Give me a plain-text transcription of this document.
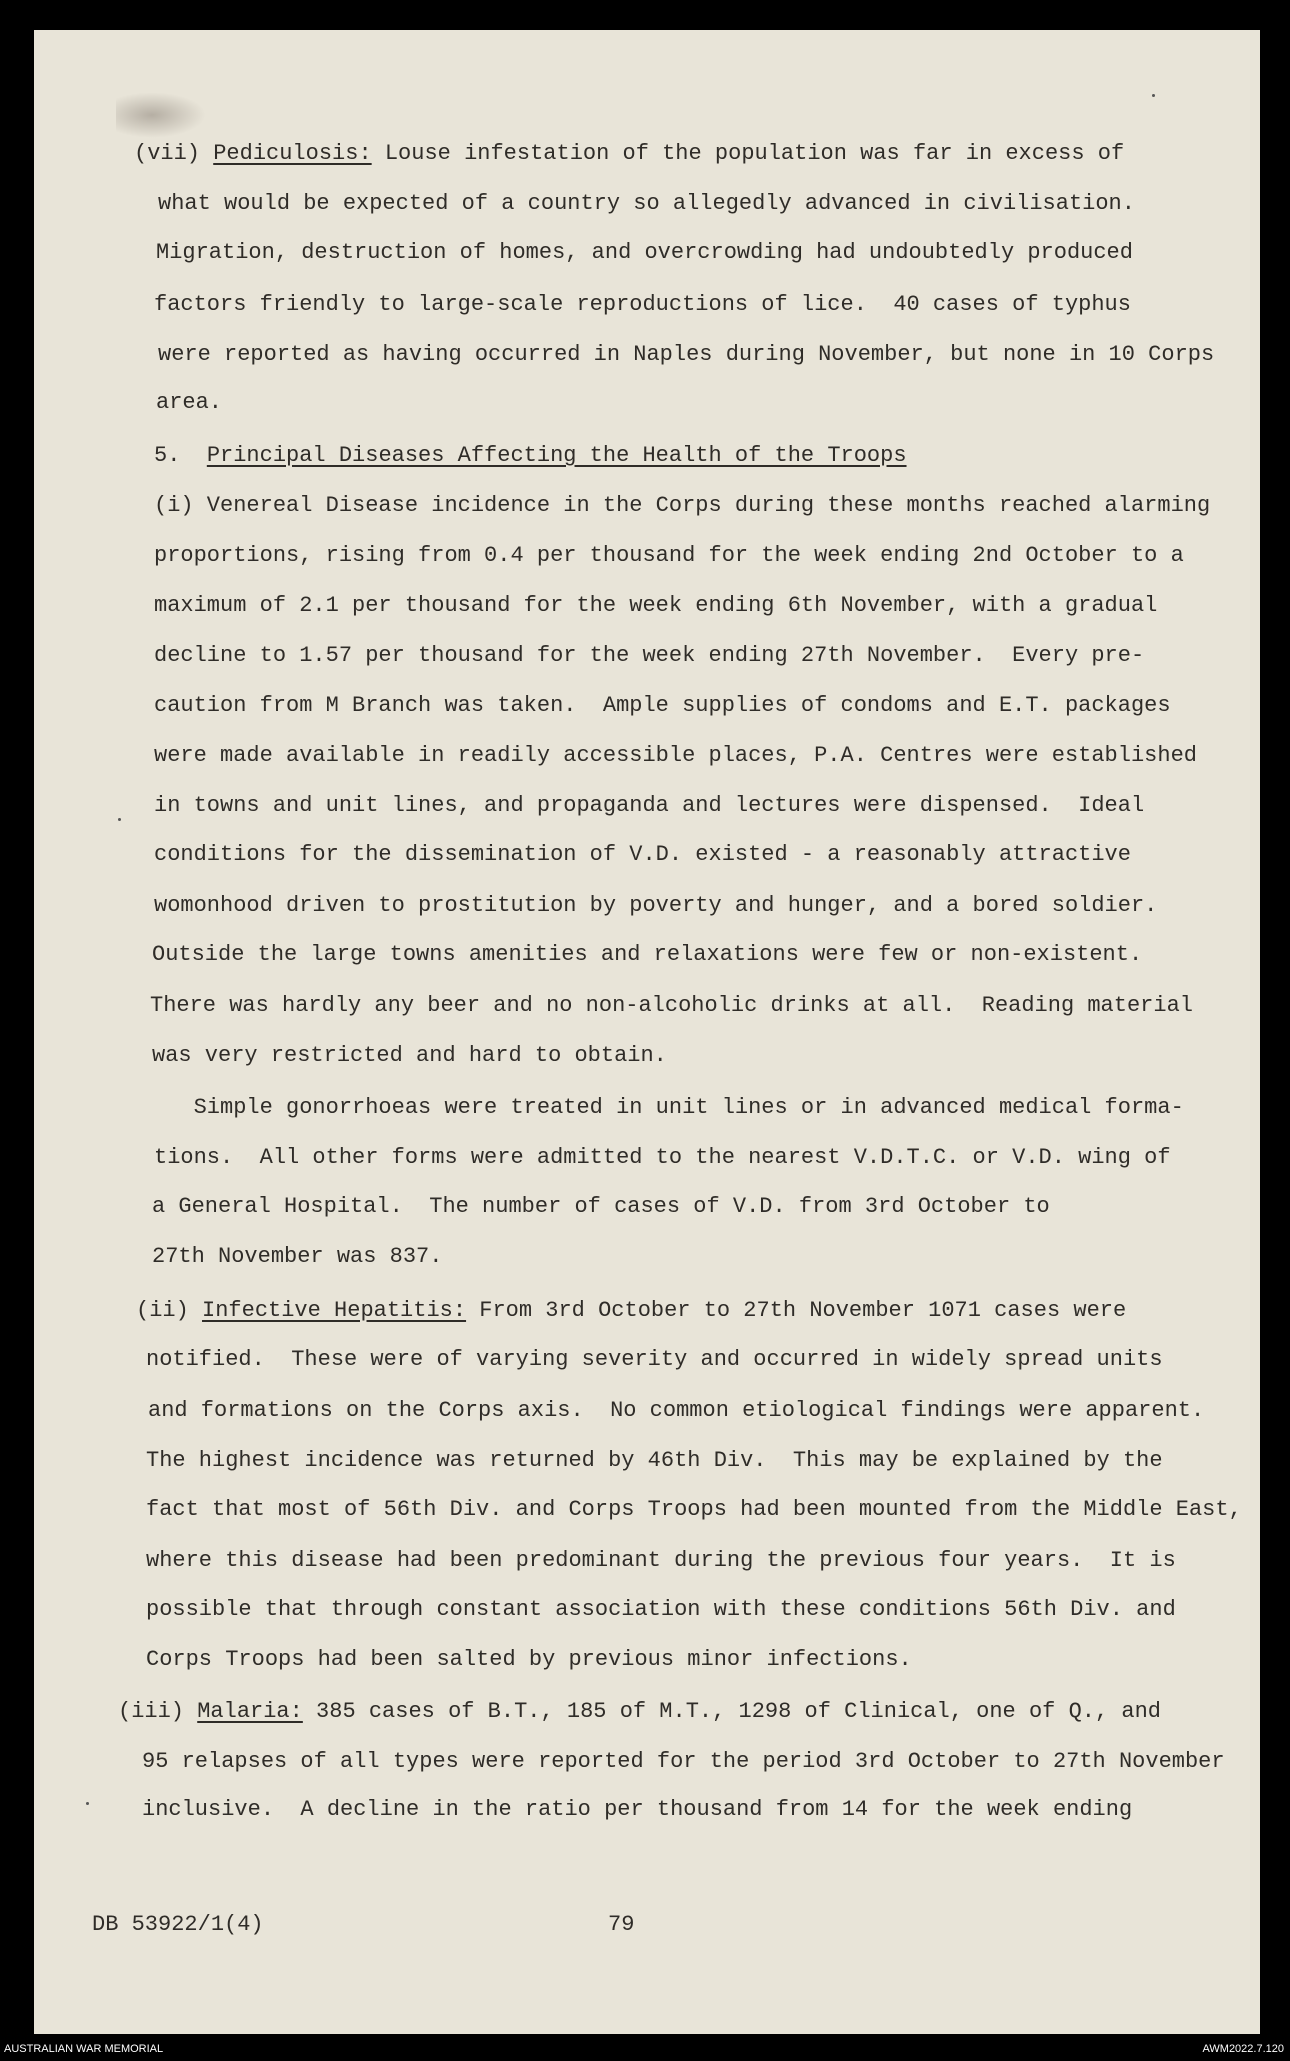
(vii) Pediculosis: Louse infestation of the population was far in excess of
what would be expected of a country so allegedly advanced in civilisation.
Migration, destruction of homes, and overcrowding had undoubtedly produced
factors friendly to large-scale reproductions of lice.  40 cases of typhus
were reported as having occurred in Naples during November, but none in 10 Corps
area.
5.  Principal Diseases Affecting the Health of the Troops
(i) Venereal Disease incidence in the Corps during these months reached alarming
proportions, rising from 0.4 per thousand for the week ending 2nd October to a
maximum of 2.1 per thousand for the week ending 6th November, with a gradual
decline to 1.57 per thousand for the week ending 27th November.  Every pre-
caution from M Branch was taken.  Ample supplies of condoms and E.T. packages
were made available in readily accessible places, P.A. Centres were established
in towns and unit lines, and propaganda and lectures were dispensed.  Ideal
conditions for the dissemination of V.D. existed - a reasonably attractive
womonhood driven to prostitution by poverty and hunger, and a bored soldier.
Outside the large towns amenities and relaxations were few or non-existent.
There was hardly any beer and no non-alcoholic drinks at all.  Reading material
was very restricted and hard to obtain.
Simple gonorrhoeas were treated in unit lines or in advanced medical forma-
tions.  All other forms were admitted to the nearest V.D.T.C. or V.D. wing of
a General Hospital.  The number of cases of V.D. from 3rd October to
27th November was 837.
(ii) Infective Hepatitis: From 3rd October to 27th November 1071 cases were
notified.  These were of varying severity and occurred in widely spread units
and formations on the Corps axis.  No common etiological findings were apparent.
The highest incidence was returned by 46th Div.  This may be explained by the
fact that most of 56th Div. and Corps Troops had been mounted from the Middle East,
where this disease had been predominant during the previous four years.  It is
possible that through constant association with these conditions 56th Div. and
Corps Troops had been salted by previous minor infections.
(iii) Malaria: 385 cases of B.T., 185 of M.T., 1298 of Clinical, one of Q., and
95 relapses of all types were reported for the period 3rd October to 27th November
inclusive.  A decline in the ratio per thousand from 14 for the week ending
DB 53922/1(4)	79
AUSTRALIAN WAR MEMORIAL	AWM2022.7.120
